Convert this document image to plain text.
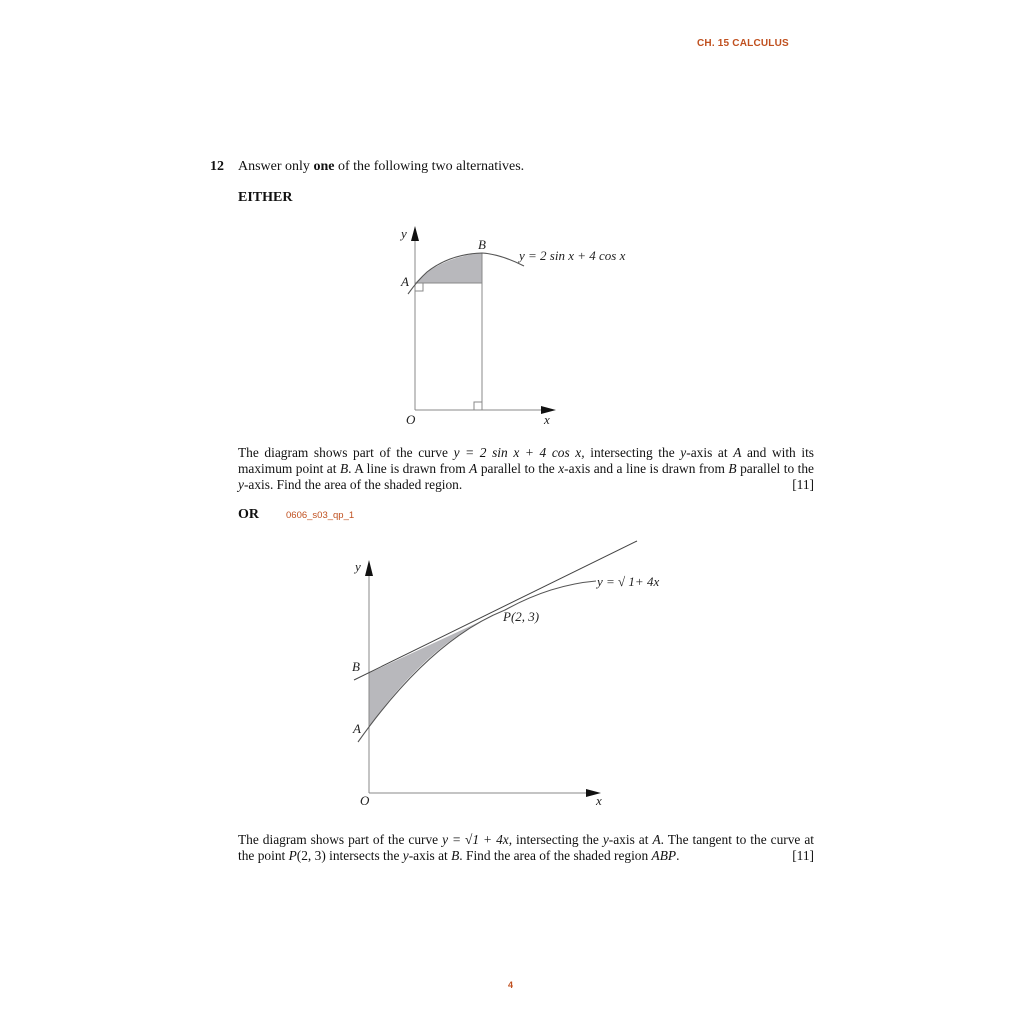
CH. 15 CALCULUS
12 Answer only one of the following two alternatives.
EITHER
y
B
A
y = 2 sin x + 4 cos x
O	x
The diagram shows part of the curve y = 2 sin x + 4 cos x, intersecting the y-axis at A and with its maximum point at B. A line is drawn from A parallel to the x-axis and a line is drawn from B parallel to the y-axis. Find the area of the shaded region.	[11]
OR	0606_s03_qp_1
y
y = √ 1+ 4x
P(2, 3)
B
A
O	x
The diagram shows part of the curve y = √1 + 4x, intersecting the y-axis at A. The tangent to the curve at the point P(2, 3) intersects the y-axis at B. Find the area of the shaded region ABP.	[11]
4
